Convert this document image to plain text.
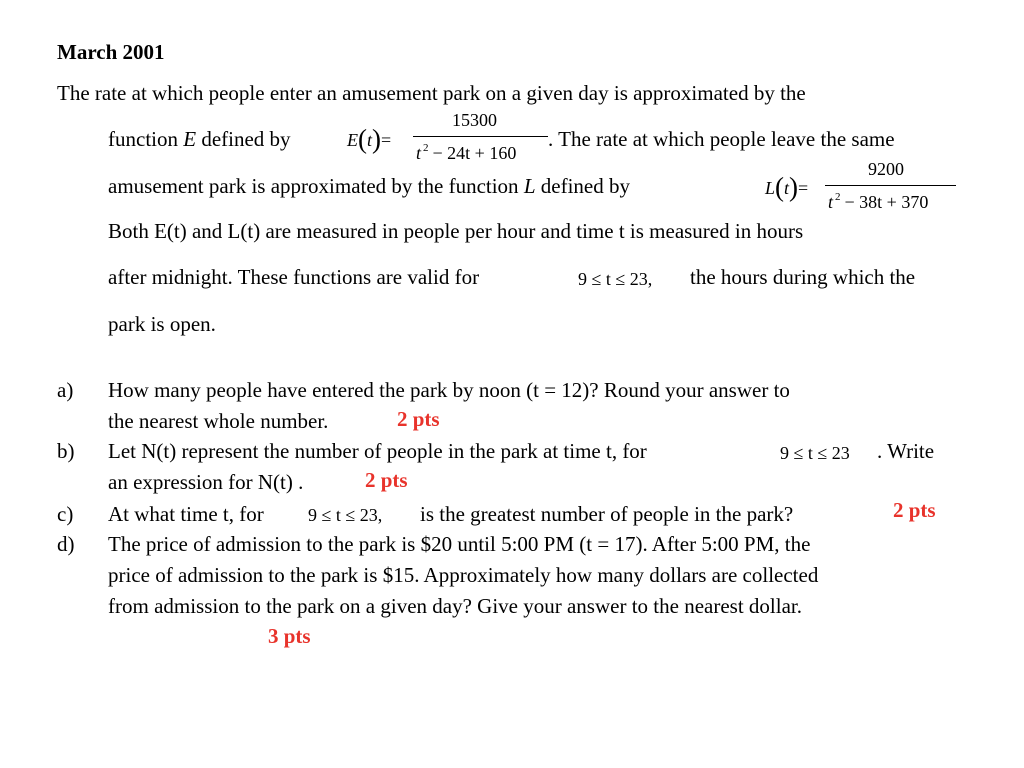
March 2001
The rate at which people enter an amusement park on a given day is approximated by the
function E defined by	E(t)=
15300
t $^2$ − 24t + 160
. The rate at which people leave the same
amusement park is approximated by the function L defined by	L(t)=
9200
t $^2$ − 38t + 370
Both E(t) and L(t) are measured in people per hour and time t is measured in hours
after midnight. These functions are valid for	9 ≤ t ≤ 23, the hours during which the
park is open.
a) How many people have entered the park by noon (t = 12)? Round your answer to
the nearest whole number.	2 pts
b) Let N(t) represent the number of people in the park at time t, for	9 ≤ t ≤ 23 . Write
an expression for N(t) .	2 pts
c) At what time t, for 9 ≤ t ≤ 23, is the greatest number of people in the park?	2 pts
d) The price of admission to the park is $20 until 5:00 PM (t = 17). After 5:00 PM, the
price of admission to the park is $15. Approximately how many dollars are collected
from admission to the park on a given day? Give your answer to the nearest dollar.
3 pts
